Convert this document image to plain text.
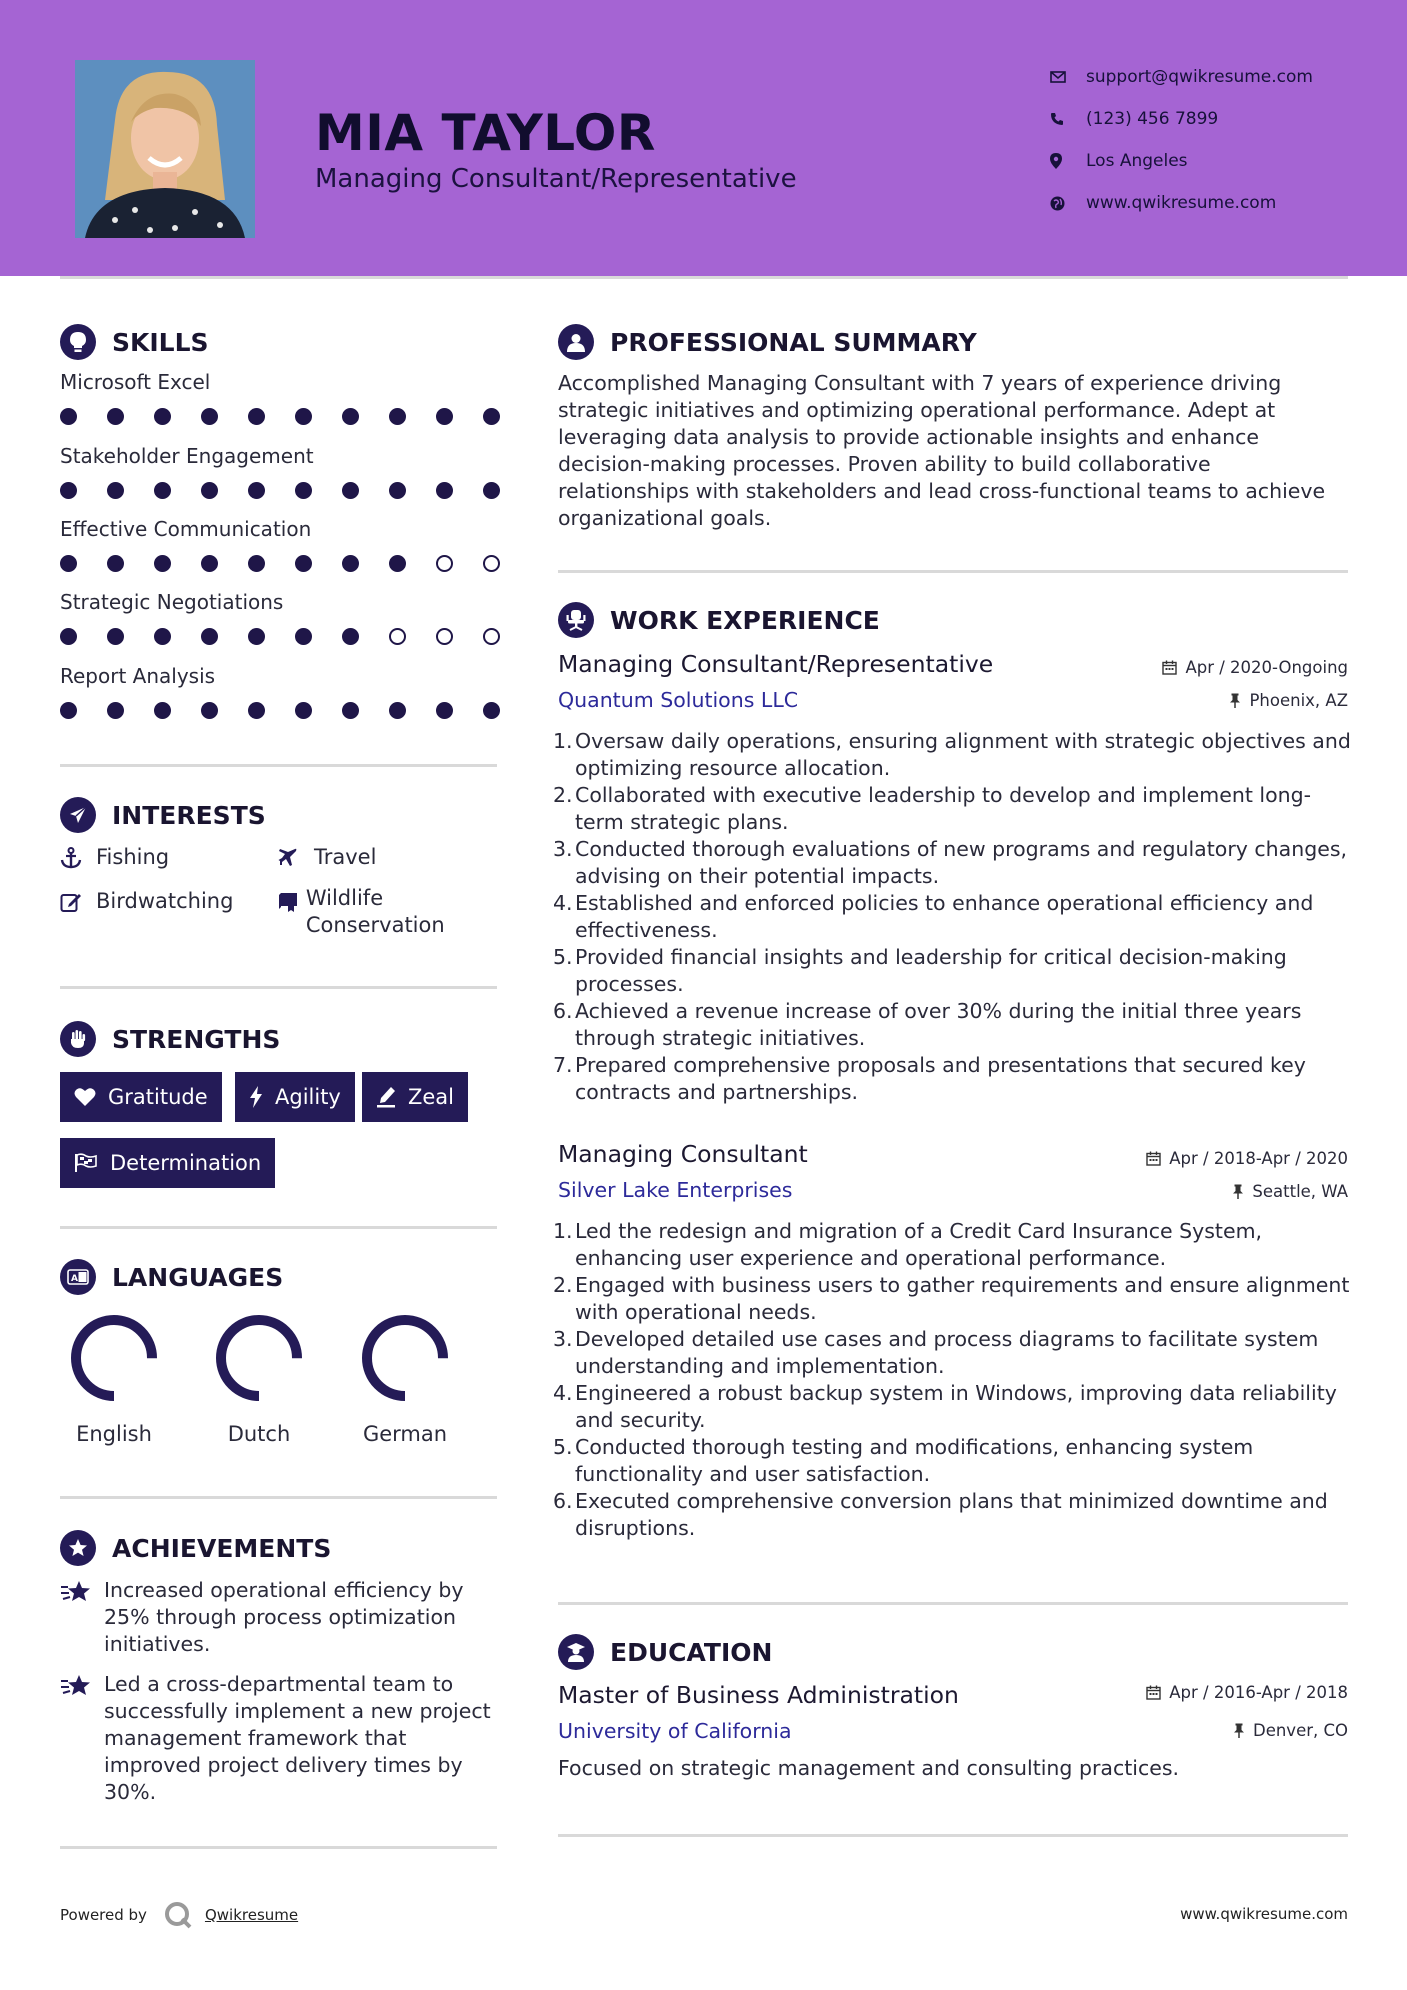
MIA TAYLOR
Managing Consultant/Representative
support@qwikresume.com
(123) 456 7899
Los Angeles
www.qwikresume.com
SKILLS
Microsoft Excel
Stakeholder Engagement
Effective Communication
Strategic Negotiations
Report Analysis
INTERESTS
Fishing	Travel
Birdwatching	Wildlife Conservation
STRENGTHS
Gratitude	Agility	Zeal
Determination
A LANGUAGES
English	Dutch	German
ACHIEVEMENTS
Increased operational efficiency by 25% through process optimization initiatives.
Led a cross-departmental team to successfully implement a new project management framework that improved project delivery times by 30%.
PROFESSIONAL SUMMARY
Accomplished Managing Consultant with 7 years of experience driving strategic initiatives and optimizing operational performance. Adept at leveraging data analysis to provide actionable insights and enhance decision-making processes. Proven ability to build collaborative relationships with stakeholders and lead cross-functional teams to achieve organizational goals.
WORK EXPERIENCE
Managing Consultant/Representative	Apr / 2020-Ongoing
Quantum Solutions LLC	Phoenix, AZ
1. Oversaw daily operations, ensuring alignment with strategic objectives and optimizing resource allocation.
2. Collaborated with executive leadership to develop and implement long-term strategic plans.
3. Conducted thorough evaluations of new programs and regulatory changes, advising on their potential impacts.
4. Established and enforced policies to enhance operational efficiency and effectiveness.
5. Provided financial insights and leadership for critical decision-making processes.
6. Achieved a revenue increase of over 30% during the initial three years through strategic initiatives.
7. Prepared comprehensive proposals and presentations that secured key contracts and partnerships.
Managing Consultant	Apr / 2018-Apr / 2020
Silver Lake Enterprises	Seattle, WA
1. Led the redesign and migration of a Credit Card Insurance System, enhancing user experience and operational performance.
2. Engaged with business users to gather requirements and ensure alignment with operational needs.
3. Developed detailed use cases and process diagrams to facilitate system understanding and implementation.
4. Engineered a robust backup system in Windows, improving data reliability and security.
5. Conducted thorough testing and modifications, enhancing system functionality and user satisfaction.
6. Executed comprehensive conversion plans that minimized downtime and disruptions.
EDUCATION
Master of Business Administration	Apr / 2016-Apr / 2018
University of California	Denver, CO
Focused on strategic management and consulting practices.
Powered by	Qwikresume	www.qwikresume.com
